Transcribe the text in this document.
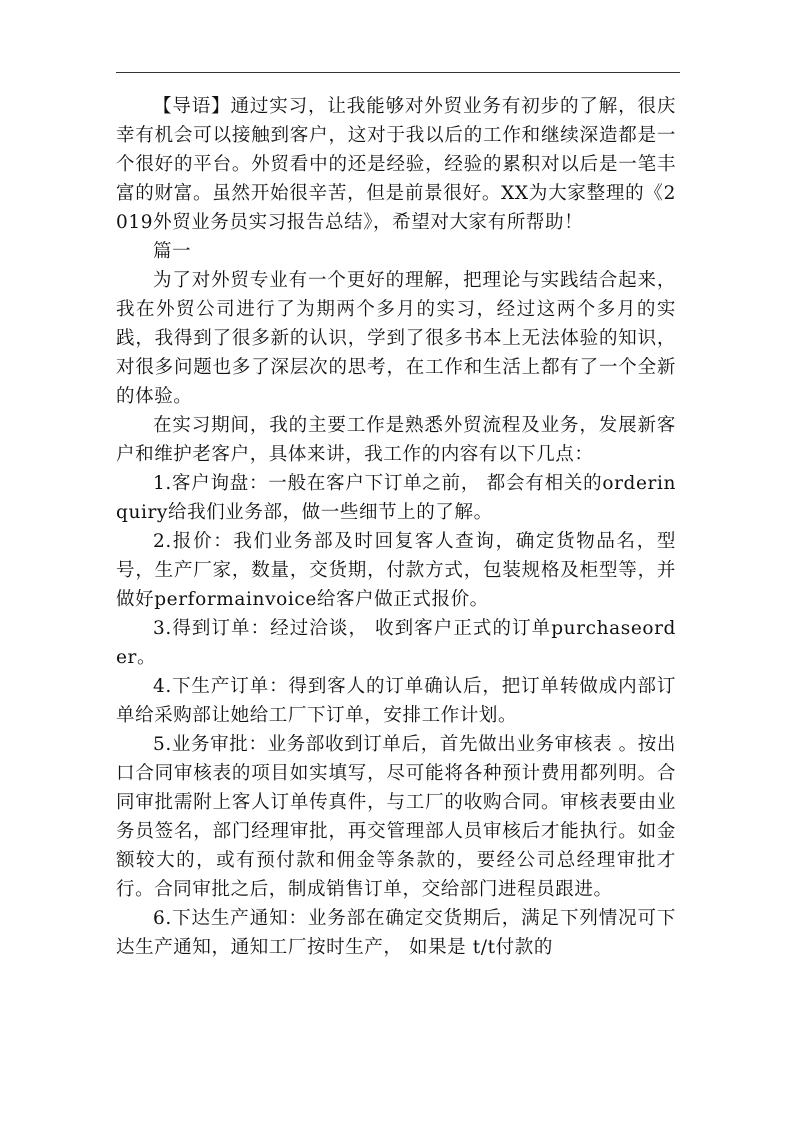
【导语】通过实习，让我能够对外贸业务有初步的了解，很庆幸有机会可以接触到客户，这对于我以后的工作和继续深造都是一个很好的平台。外贸看中的还是经验，经验的累积对以后是一笔丰富的财富。虽然开始很辛苦，但是前景很好。XX为大家整理的《2019外贸业务员实习报告总结》，希望对大家有所帮助！

篇一

为了对外贸专业有一个更好的理解，把理论与实践结合起来，我在外贸公司进行了为期两个多月的实习，经过这两个多月的实践，我得到了很多新的认识，学到了很多书本上无法体验的知识，对很多问题也多了深层次的思考，在工作和生活上都有了一个全新的体验。

在实习期间，我的主要工作是熟悉外贸流程及业务，发展新客户和维护老客户，具体来讲，我工作的内容有以下几点：

1.客户询盘：一般在客户下订单之前， 都会有相关的orderinquiry给我们业务部，做一些细节上的了解。

2.报价：我们业务部及时回复客人查询，确定货物品名，型号，生产厂家，数量，交货期，付款方式，包装规格及柜型等，并做好performainvoice给客户做正式报价。

3.得到订单：经过洽谈， 收到客户正式的订单purchaseorder。

4.下生产订单：得到客人的订单确认后，把订单转做成内部订单给采购部让她给工厂下订单，安排工作计划。

5.业务审批：业务部收到订单后，首先做出业务审核表 。按出口合同审核表的项目如实填写，尽可能将各种预计费用都列明。合同审批需附上客人订单传真件，与工厂的收购合同。审核表要由业务员签名，部门经理审批，再交管理部人员审核后才能执行。如金额较大的，或有预付款和佣金等条款的，要经公司总经理审批才行。合同审批之后，制成销售订单，交给部门进程员跟进。

6.下达生产通知：业务部在确定交货期后，满足下列情况可下达生产通知，通知工厂按时生产， 如果是 t/t付款的
